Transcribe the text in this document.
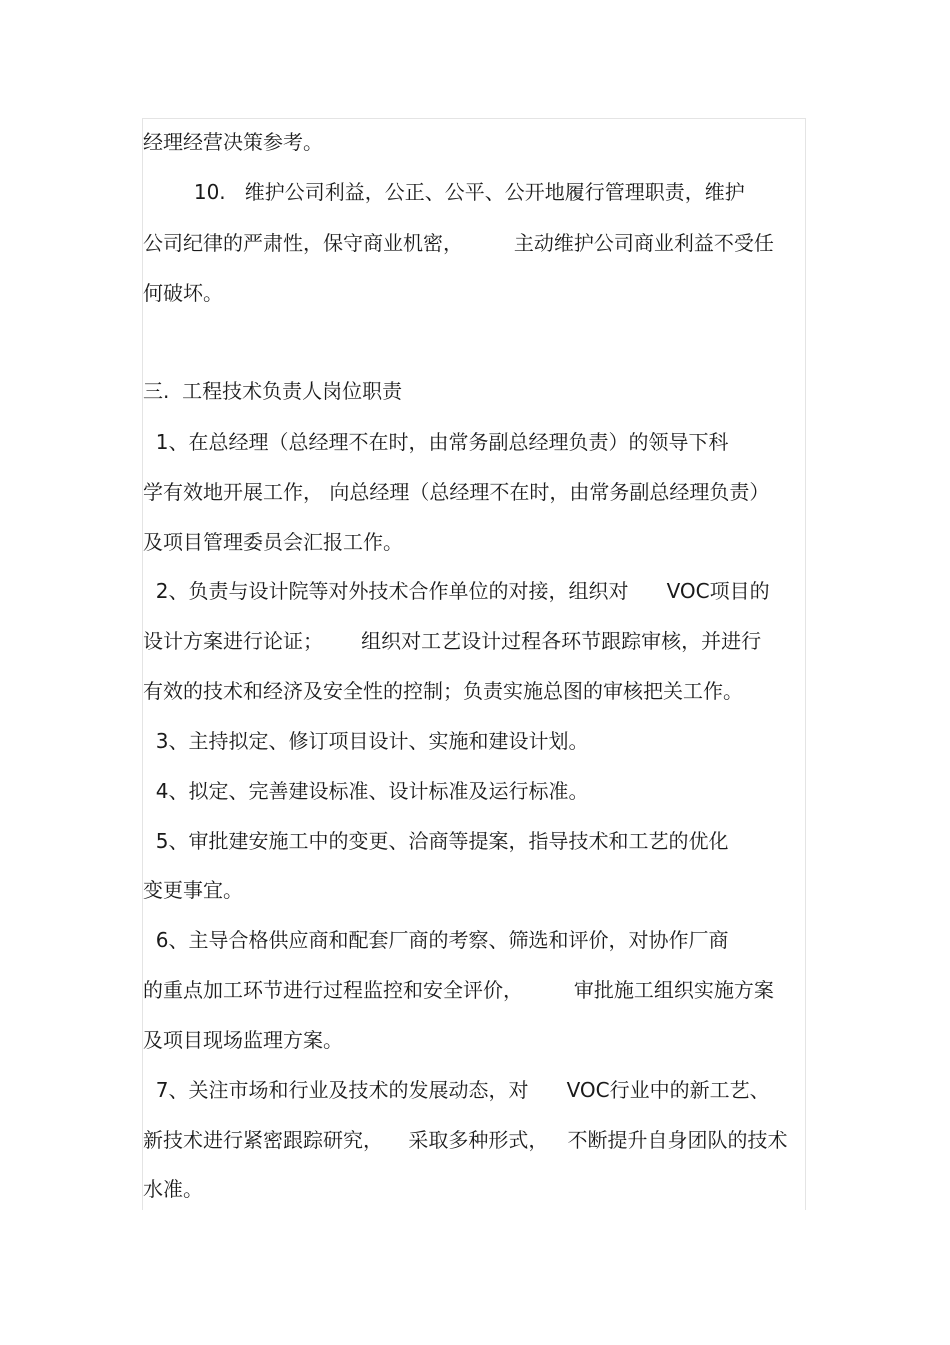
经理经营决策参考。
10.   维护公司利益，公正、公平、公开地履行管理职责，维护
公司纪律的严肃性，保守商业机密，        主动维护公司商业利益不受任
何破坏。
三.  工程技术负责人岗位职责
1、在总经理（总经理不在时，由常务副总经理负责）的领导下科
学有效地开展工作， 向总经理（总经理不在时，由常务副总经理负责）
及项目管理委员会汇报工作。
2、负责与设计院等对外技术合作单位的对接，组织对      VOC项目的
设计方案进行论证；      组织对工艺设计过程各环节跟踪审核，并进行
有效的技术和经济及安全性的控制；负责实施总图的审核把关工作。
3、主持拟定、修订项目设计、实施和建设计划。
4、拟定、完善建设标准、设计标准及运行标准。
5、审批建安施工中的变更、洽商等提案，指导技术和工艺的优化
变更事宜。
6、主导合格供应商和配套厂商的考察、筛选和评价，对协作厂商
的重点加工环节进行过程监控和安全评价，        审批施工组织实施方案
及项目现场监理方案。
7、关注市场和行业及技术的发展动态，对      VOC行业中的新工艺、
新技术进行紧密跟踪研究，    采取多种形式，   不断提升自身团队的技术
水准。
